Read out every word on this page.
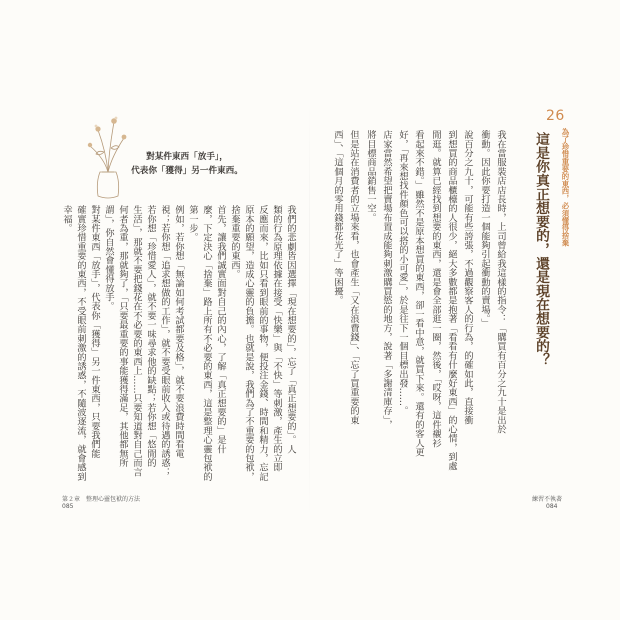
對某件東西「放手」，
代表你「獲得」另一件東西。
我們的悲劇皆因選擇「現在想要的」，忘了「真正想要的」。人
類的行為原理依據在接受「快樂」與「不快」等刺激，產生的立即
反應而來，比如只看到眼前的事物，便投注金錢、時間和精力，忘記
原本的願望，造成心靈的負擔。也就是說，我們為了不重要的包袱，
捨棄重要的東西。
首先，讓我們誠實面對自己的內心，了解「真正想要的」是什
麼，下定決心「捨棄」路上所有不必要的東西，這是整理心靈包袱的
第一步。
例如，若你想「無論如何考試都要及格」，就不要浪費時間看電
視；若你想「追求想做的工作」，就不要受眼前收入或待遇的誘惑；
若你想「珍惜愛人」，就不要一味尋求他的缺點；若你想「悠閒的
生活」，那就不要把錢花在不必要的東西上……只要知道對自己而言
何者為重，那就夠了，「只要最重要的事能獲得滿足，其他都無所
謂」，你自然會懂得放手。
對某件東西「放手」，代表你「獲得」另一件東西，只要我們能
確實珍惜重要的東西，不受眼前刺激的誘惑，不隨波逐流，就會感到
幸福。
第２章　整理心靈包袱的方法
085
26
為了珍惜重要的東西，必須懂得捨棄
這是你真正想要的，還是現在想要的？
我在當服裝店店長時，上司曾給我這樣的指令：「購買有百分之九十是出於
衝動。因此你要打造一個能夠引起衝動的賣場。」
說百分之九十，可能有些誇張，不過觀察客人的行為，的確如此，直接衝
到想買的商品櫃檯的人很少，絕大多數都是抱著「看看有什麼好東西」的心情，到處
閒逛。就算已經找到想要的東西，還是會全部逛一圈，然後，「哎呀，這件襯衫
看起來不錯。」雖然不是原本想買的東西，卻一看中意，就買下來。還有的客人更
好，「再來想找件顏色可以搭的小可愛」，於是往下一個目標出發……。
店家當然希望把賣場布置成能夠刺激購買慾的地方，說著「多謝清庫存」，
將目標商品銷售一空。
但是站在消費者的立場來看，也會產生「又在浪費錢」、「忘了買重要的東
西」、「這個月的零用錢都花光了」等困擾。
練習不執著
084
